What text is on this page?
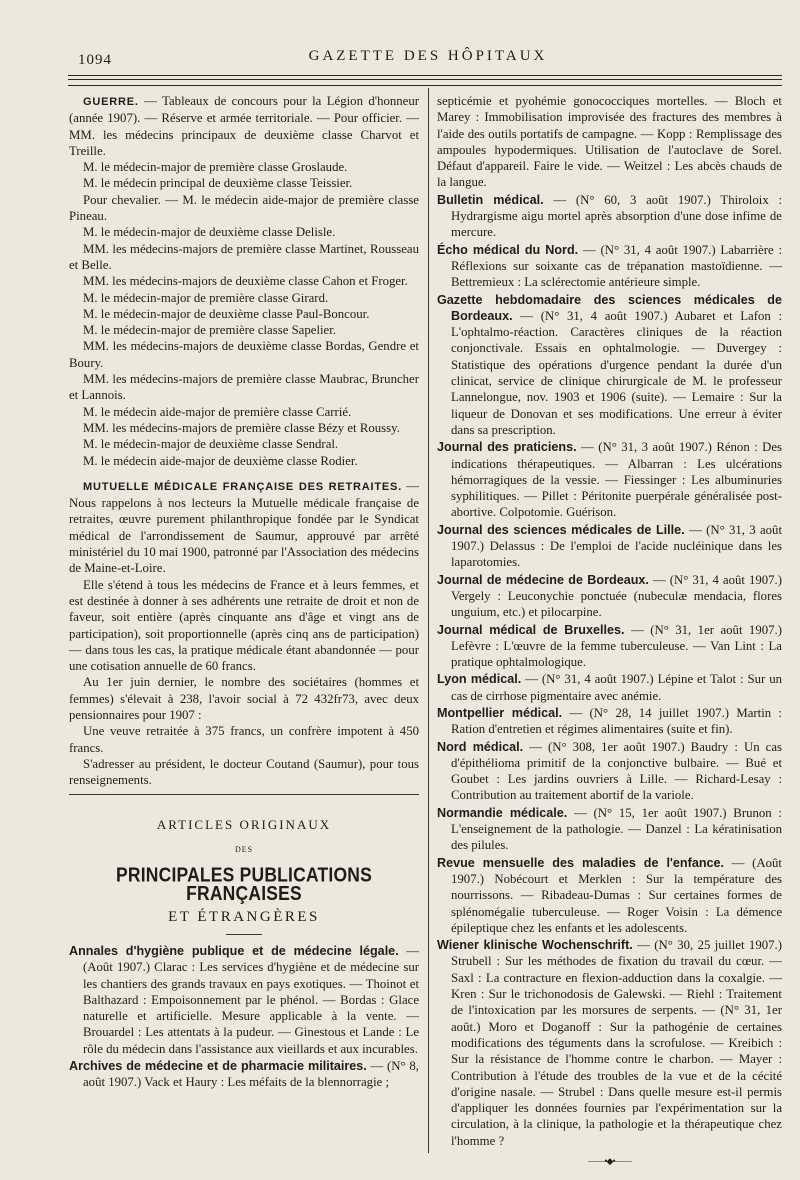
1094	GAZETTE DES HÔPITAUX

GUERRE. — Tableaux de concours pour la Légion d'honneur (année 1907). — Réserve et armée territoriale. — Pour officier. — MM. les médecins principaux de deuxième classe Charvot et Treille.

M. le médecin-major de première classe Groslaude.

M. le médecin principal de deuxième classe Teissier.

Pour chevalier. — M. le médecin aide-major de première classe Pineau.

M. le médecin-major de deuxième classe Delisle.

MM. les médecins-majors de première classe Martinet, Rousseau et Belle.

MM. les médecins-majors de deuxième classe Cahon et Froger.

M. le médecin-major de première classe Girard.

M. le médecin-major de deuxième classe Paul-Boncour.

M. le médecin-major de première classe Sapelier.

MM. les médecins-majors de deuxième classe Bordas, Gendre et Boury.

MM. les médecins-majors de première classe Maubrac, Bruncher et Lannois.

M. le médecin aide-major de première classe Carrié.

MM. les médecins-majors de première classe Bézy et Roussy.

M. le médecin-major de deuxième classe Sendral.

M. le médecin aide-major de deuxième classe Rodier.

MUTUELLE MÉDICALE FRANÇAISE DES RETRAITES. — Nous rappelons à nos lecteurs la Mutuelle médicale française de retraites, œuvre purement philanthropique fondée par le Syndicat médical de l'arrondissement de Saumur, approuvé par arrêté ministériel du 10 mai 1900, patronné par l'Association des médecins de Maine-et-Loire.

Elle s'étend à tous les médecins de France et à leurs femmes, et est destinée à donner à ses adhérents une retraite de droit et non de faveur, soit entière (après cinquante ans d'âge et vingt ans de participation), soit proportionnelle (après cinq ans de participation) — dans tous les cas, la pratique médicale étant abandonnée — pour une cotisation annuelle de 60 francs.

Au 1er juin dernier, le nombre des sociétaires (hommes et femmes) s'élevait à 238, l'avoir social à 72 432fr73, avec deux pensionnaires pour 1907 :

Une veuve retraitée à 375 francs, un confrère impotent à 450 francs.

S'adresser au président, le docteur Coutand (Saumur), pour tous renseignements.

ARTICLES ORIGINAUX
DES
PRINCIPALES PUBLICATIONS FRANÇAISES
ET ÉTRANGÈRES

Annales d'hygiène publique et de médecine légale. — (Août 1907.) Clarac : Les services d'hygiène et de médecine sur les chantiers des grands travaux en pays exotiques. — Thoinot et Balthazard : Empoisonnement par le phénol. — Bordas : Glace naturelle et artificielle. Mesure applicable à la vente. — Brouardel : Les attentats à la pudeur. — Ginestous et Lande : Le rôle du médecin dans l'assistance aux vieillards et aux incurables.

Archives de médecine et de pharmacie militaires. — (N° 8, août 1907.) Vack et Haury : Les méfaits de la blennorragie ;

septicémie et pyohémie gonococciques mortelles. — Bloch et Marey : Immobilisation improvisée des fractures des membres à l'aide des outils portatifs de campagne. — Kopp : Remplissage des ampoules hypodermiques. Utilisation de l'autoclave de Sorel. Défaut d'appareil. Faire le vide. — Weitzel : Les abcès chauds de la langue.

Bulletin médical. — (N° 60, 3 août 1907.) Thiroloix : Hydrargisme aigu mortel après absorption d'une dose infime de mercure.

Écho médical du Nord. — (N° 31, 4 août 1907.) Labarrière : Réflexions sur soixante cas de trépanation mastoïdienne. — Bettremieux : La sclérectomie antérieure simple.

Gazette hebdomadaire des sciences médicales de Bordeaux. — (N° 31, 4 août 1907.) Aubaret et Lafon : L'ophtalmo-réaction. Caractères cliniques de la réaction conjonctivale. Essais en ophtalmologie. — Duvergey : Statistique des opérations d'urgence pendant la durée d'un clinicat, service de clinique chirurgicale de M. le professeur Lannelongue, nov. 1903 et 1906 (suite). — Lemaire : Sur la liqueur de Donovan et ses modifications. Une erreur à éviter dans sa prescription.

Journal des praticiens. — (N° 31, 3 août 1907.) Rénon : Des indications thérapeutiques. — Albarran : Les ulcérations hémorragiques de la vessie. — Fiessinger : Les albuminuries syphilitiques. — Pillet : Péritonite puerpérale généralisée post-abortive. Colpotomie. Guérison.

Journal des sciences médicales de Lille. — (N° 31, 3 août 1907.) Delassus : De l'emploi de l'acide nucléinique dans les laparotomies.

Journal de médecine de Bordeaux. — (N° 31, 4 août 1907.) Vergely : Leuconychie ponctuée (nubeculæ mendacia, flores unguium, etc.) et pilocarpine.

Journal médical de Bruxelles. — (N° 31, 1er août 1907.) Lefèvre : L'œuvre de la femme tuberculeuse. — Van Lint : La pratique ophtalmologique.

Lyon médical. — (N° 31, 4 août 1907.) Lépine et Talot : Sur un cas de cirrhose pigmentaire avec anémie.

Montpellier médical. — (N° 28, 14 juillet 1907.) Martin : Ration d'entretien et régimes alimentaires (suite et fin).

Nord médical. — (N° 308, 1er août 1907.) Baudry : Un cas d'épithélioma primitif de la conjonctive bulbaire. — Bué et Goubet : Les jardins ouvriers à Lille. — Richard-Lesay : Contribution au traitement abortif de la variole.

Normandie médicale. — (N° 15, 1er août 1907.) Brunon : L'enseignement de la pathologie. — Danzel : La kératinisation des pilules.

Revue mensuelle des maladies de l'enfance. — (Août 1907.) Nobécourt et Merklen : Sur la température des nourrissons. — Ribadeau-Dumas : Sur certaines formes de splénomégalie tuberculeuse. — Roger Voisin : La démence épileptique chez les enfants et les adolescents.

Wiener klinische Wochenschrift. — (N° 30, 25 juillet 1907.) Strubell : Sur les méthodes de fixation du travail du cœur. — Saxl : La contracture en flexion-adduction dans la coxalgie. — Kren : Sur le trichonodosis de Galewski. — Riehl : Traitement de l'intoxication par les morsures de serpents. — (N° 31, 1er août.) Moro et Doganoff : Sur la pathogénie de certaines modifications des téguments dans la scrofulose. — Kreibich : Sur la résistance de l'homme contre le charbon. — Mayer : Contribution à l'étude des troubles de la vue et de la cécité d'origine nasale. — Strubel : Dans quelle mesure est-il permis d'appliquer les données fournies par l'expérimentation sur la circulation, à la clinique, la pathologie et la thérapeutique chez l'homme ?

——•◆•——
